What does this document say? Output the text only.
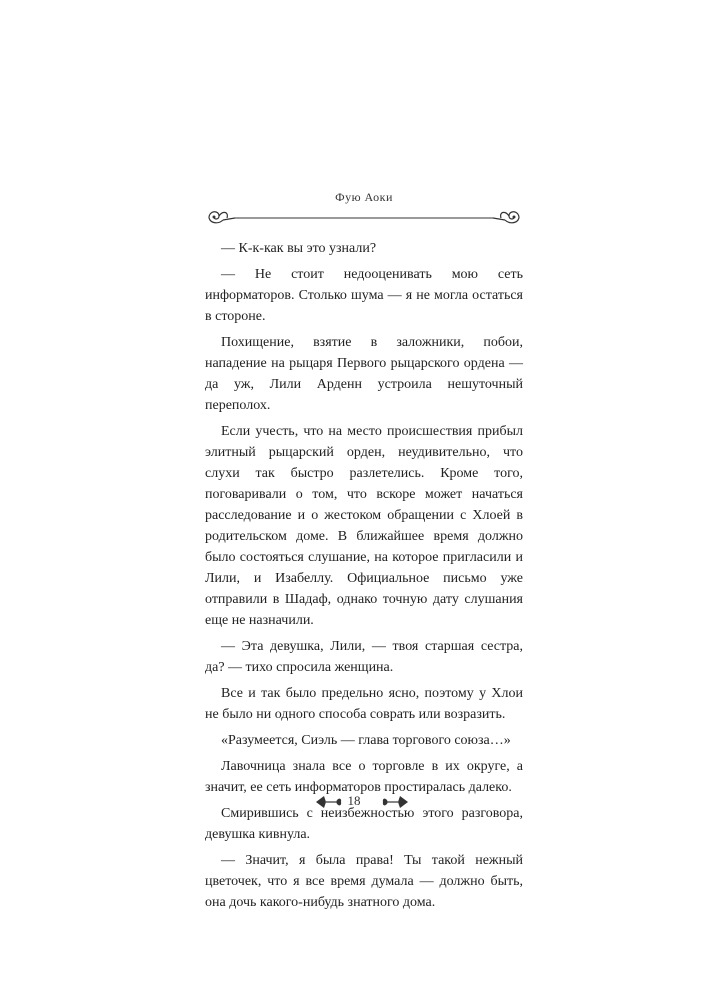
Фую Аоки

— К-к-как вы это узнали?

— Не стоит недооценивать мою сеть информаторов. Столько шума — я не могла остаться в стороне.

Похищение, взятие в заложники, побои, нападение на рыцаря Первого рыцарского ордена — да уж, Лили Арденн устроила нешуточный переполох.

Если учесть, что на место происшествия прибыл элитный рыцарский орден, неудивительно, что слухи так быстро разлетелись. Кроме того, поговаривали о том, что вскоре может начаться расследование и о жестоком обращении с Хлоей в родительском доме. В ближайшее время должно было состояться слушание, на которое пригласили и Лили, и Изабеллу. Официальное письмо уже отправили в Шадаф, однако точную дату слушания еще не назначили.

— Эта девушка, Лили, — твоя старшая сестра, да? — тихо спросила женщина.

Все и так было предельно ясно, поэтому у Хлои не было ни одного способа соврать или возразить.

«Разумеется, Сиэль — глава торгового союза…»

Лавочница знала все о торговле в их округе, а значит, ее сеть информаторов простиралась далеко.

Смирившись с неизбежностью этого разговора, девушка кивнула.

— Значит, я была права! Ты такой нежный цветочек, что я все время думала — должно быть, она дочь какого-нибудь знатного дома.

18
